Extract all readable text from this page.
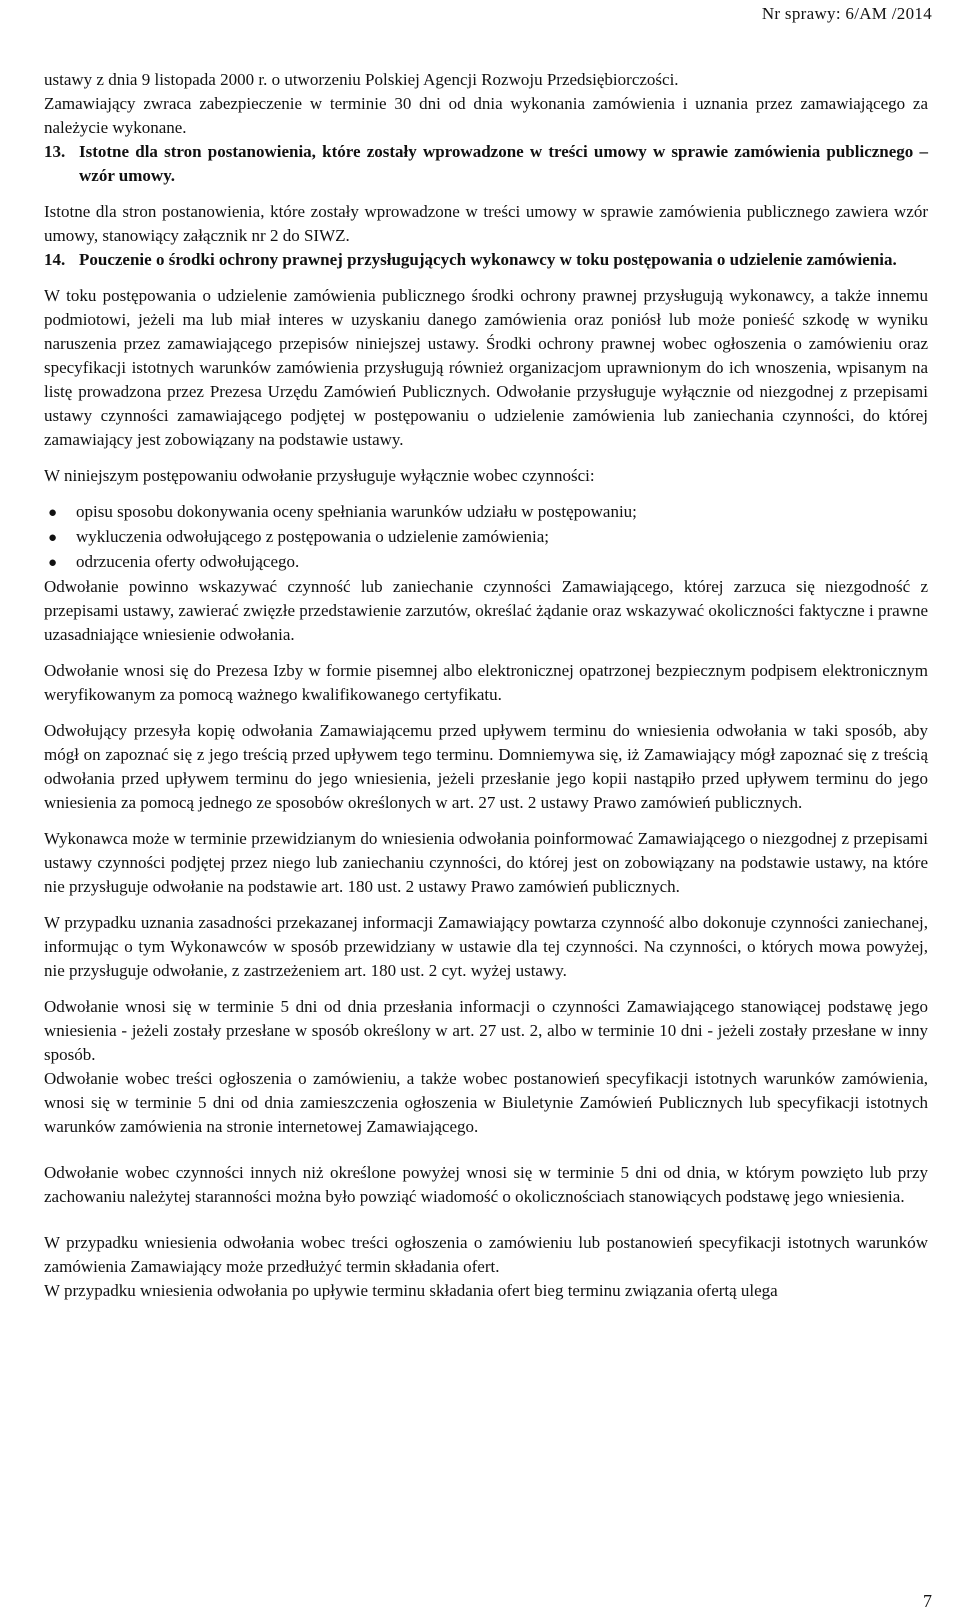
Nr sprawy: 6/AM /2014

ustawy z dnia 9 listopada 2000 r. o utworzeniu Polskiej Agencji Rozwoju Przedsiębiorczości.

Zamawiający zwraca zabezpieczenie w terminie 30 dni od dnia wykonania zamówienia i uznania przez zamawiającego za należycie wykonane.

13. Istotne dla stron postanowienia, które zostały wprowadzone w treści umowy w sprawie zamówienia publicznego – wzór umowy.

Istotne dla stron postanowienia, które zostały wprowadzone w treści umowy w sprawie zamówienia publicznego zawiera wzór umowy, stanowiący załącznik nr 2 do SIWZ.

14. Pouczenie o środki ochrony prawnej przysługujących wykonawcy w toku postępowania o udzielenie zamówienia.

W toku postępowania o udzielenie zamówienia publicznego środki ochrony prawnej przysługują wykonawcy, a także innemu podmiotowi, jeżeli ma lub miał interes w uzyskaniu danego zamówienia oraz poniósł lub może ponieść szkodę w wyniku naruszenia przez zamawiającego przepisów niniejszej ustawy. Środki ochrony prawnej wobec ogłoszenia o zamówieniu oraz specyfikacji istotnych warunków zamówienia przysługują również organizacjom uprawnionym do ich wnoszenia, wpisanym na listę prowadzona przez Prezesa Urzędu Zamówień Publicznych. Odwołanie przysługuje wyłącznie od niezgodnej z przepisami ustawy czynności zamawiającego podjętej w postępowaniu o udzielenie zamówienia lub zaniechania czynności, do której zamawiający jest zobowiązany na podstawie ustawy.

W niniejszym postępowaniu odwołanie przysługuje wyłącznie wobec czynności:

●	opisu sposobu dokonywania oceny spełniania warunków udziału w postępowaniu;
●	wykluczenia odwołującego z postępowania o udzielenie zamówienia;
●	odrzucenia oferty odwołującego.

Odwołanie powinno wskazywać czynność lub zaniechanie czynności Zamawiającego, której zarzuca się niezgodność z przepisami ustawy, zawierać zwięzłe przedstawienie zarzutów, określać żądanie oraz wskazywać okoliczności faktyczne i prawne uzasadniające wniesienie odwołania.

Odwołanie wnosi się do Prezesa Izby w formie pisemnej albo elektronicznej opatrzonej bezpiecznym podpisem elektronicznym weryfikowanym za pomocą ważnego kwalifikowanego certyfikatu.

Odwołujący przesyła kopię odwołania Zamawiającemu przed upływem terminu do wniesienia odwołania w taki sposób, aby mógł on zapoznać się z jego treścią przed upływem tego terminu. Domniemywa się, iż Zamawiający mógł zapoznać się z treścią odwołania przed upływem terminu do jego wniesienia, jeżeli przesłanie jego kopii nastąpiło przed upływem terminu do jego wniesienia za pomocą jednego ze sposobów określonych w art. 27 ust. 2 ustawy Prawo zamówień publicznych.

Wykonawca może w terminie przewidzianym do wniesienia odwołania poinformować Zamawiającego o niezgodnej z przepisami ustawy czynności podjętej przez niego lub zaniechaniu czynności, do której jest on zobowiązany na podstawie ustawy, na które nie przysługuje odwołanie na podstawie art. 180 ust. 2 ustawy Prawo zamówień publicznych.

W przypadku uznania zasadności przekazanej informacji Zamawiający powtarza czynność albo dokonuje czynności zaniechanej, informując o tym Wykonawców w sposób przewidziany w ustawie dla tej czynności. Na czynności, o których mowa powyżej, nie przysługuje odwołanie, z zastrzeżeniem art. 180 ust. 2 cyt. wyżej ustawy.

Odwołanie wnosi się w terminie 5 dni od dnia przesłania informacji o czynności Zamawiającego stanowiącej podstawę jego wniesienia - jeżeli zostały przesłane w sposób określony w art. 27 ust. 2, albo w terminie 10 dni - jeżeli zostały przesłane w inny sposób.

Odwołanie wobec treści ogłoszenia o zamówieniu, a także wobec postanowień specyfikacji istotnych warunków zamówienia, wnosi się w terminie 5 dni od dnia zamieszczenia ogłoszenia w Biuletynie Zamówień Publicznych lub specyfikacji istotnych warunków zamówienia na stronie internetowej Zamawiającego.

Odwołanie wobec czynności innych niż określone powyżej wnosi się w terminie 5 dni od dnia, w którym powzięto lub przy zachowaniu należytej staranności można było powziąć wiadomość o okolicznościach stanowiących podstawę jego wniesienia.

W przypadku wniesienia odwołania wobec treści ogłoszenia o zamówieniu lub postanowień specyfikacji istotnych warunków zamówienia Zamawiający może przedłużyć termin składania ofert.

W przypadku wniesienia odwołania po upływie terminu składania ofert bieg terminu związania ofertą ulega

7
